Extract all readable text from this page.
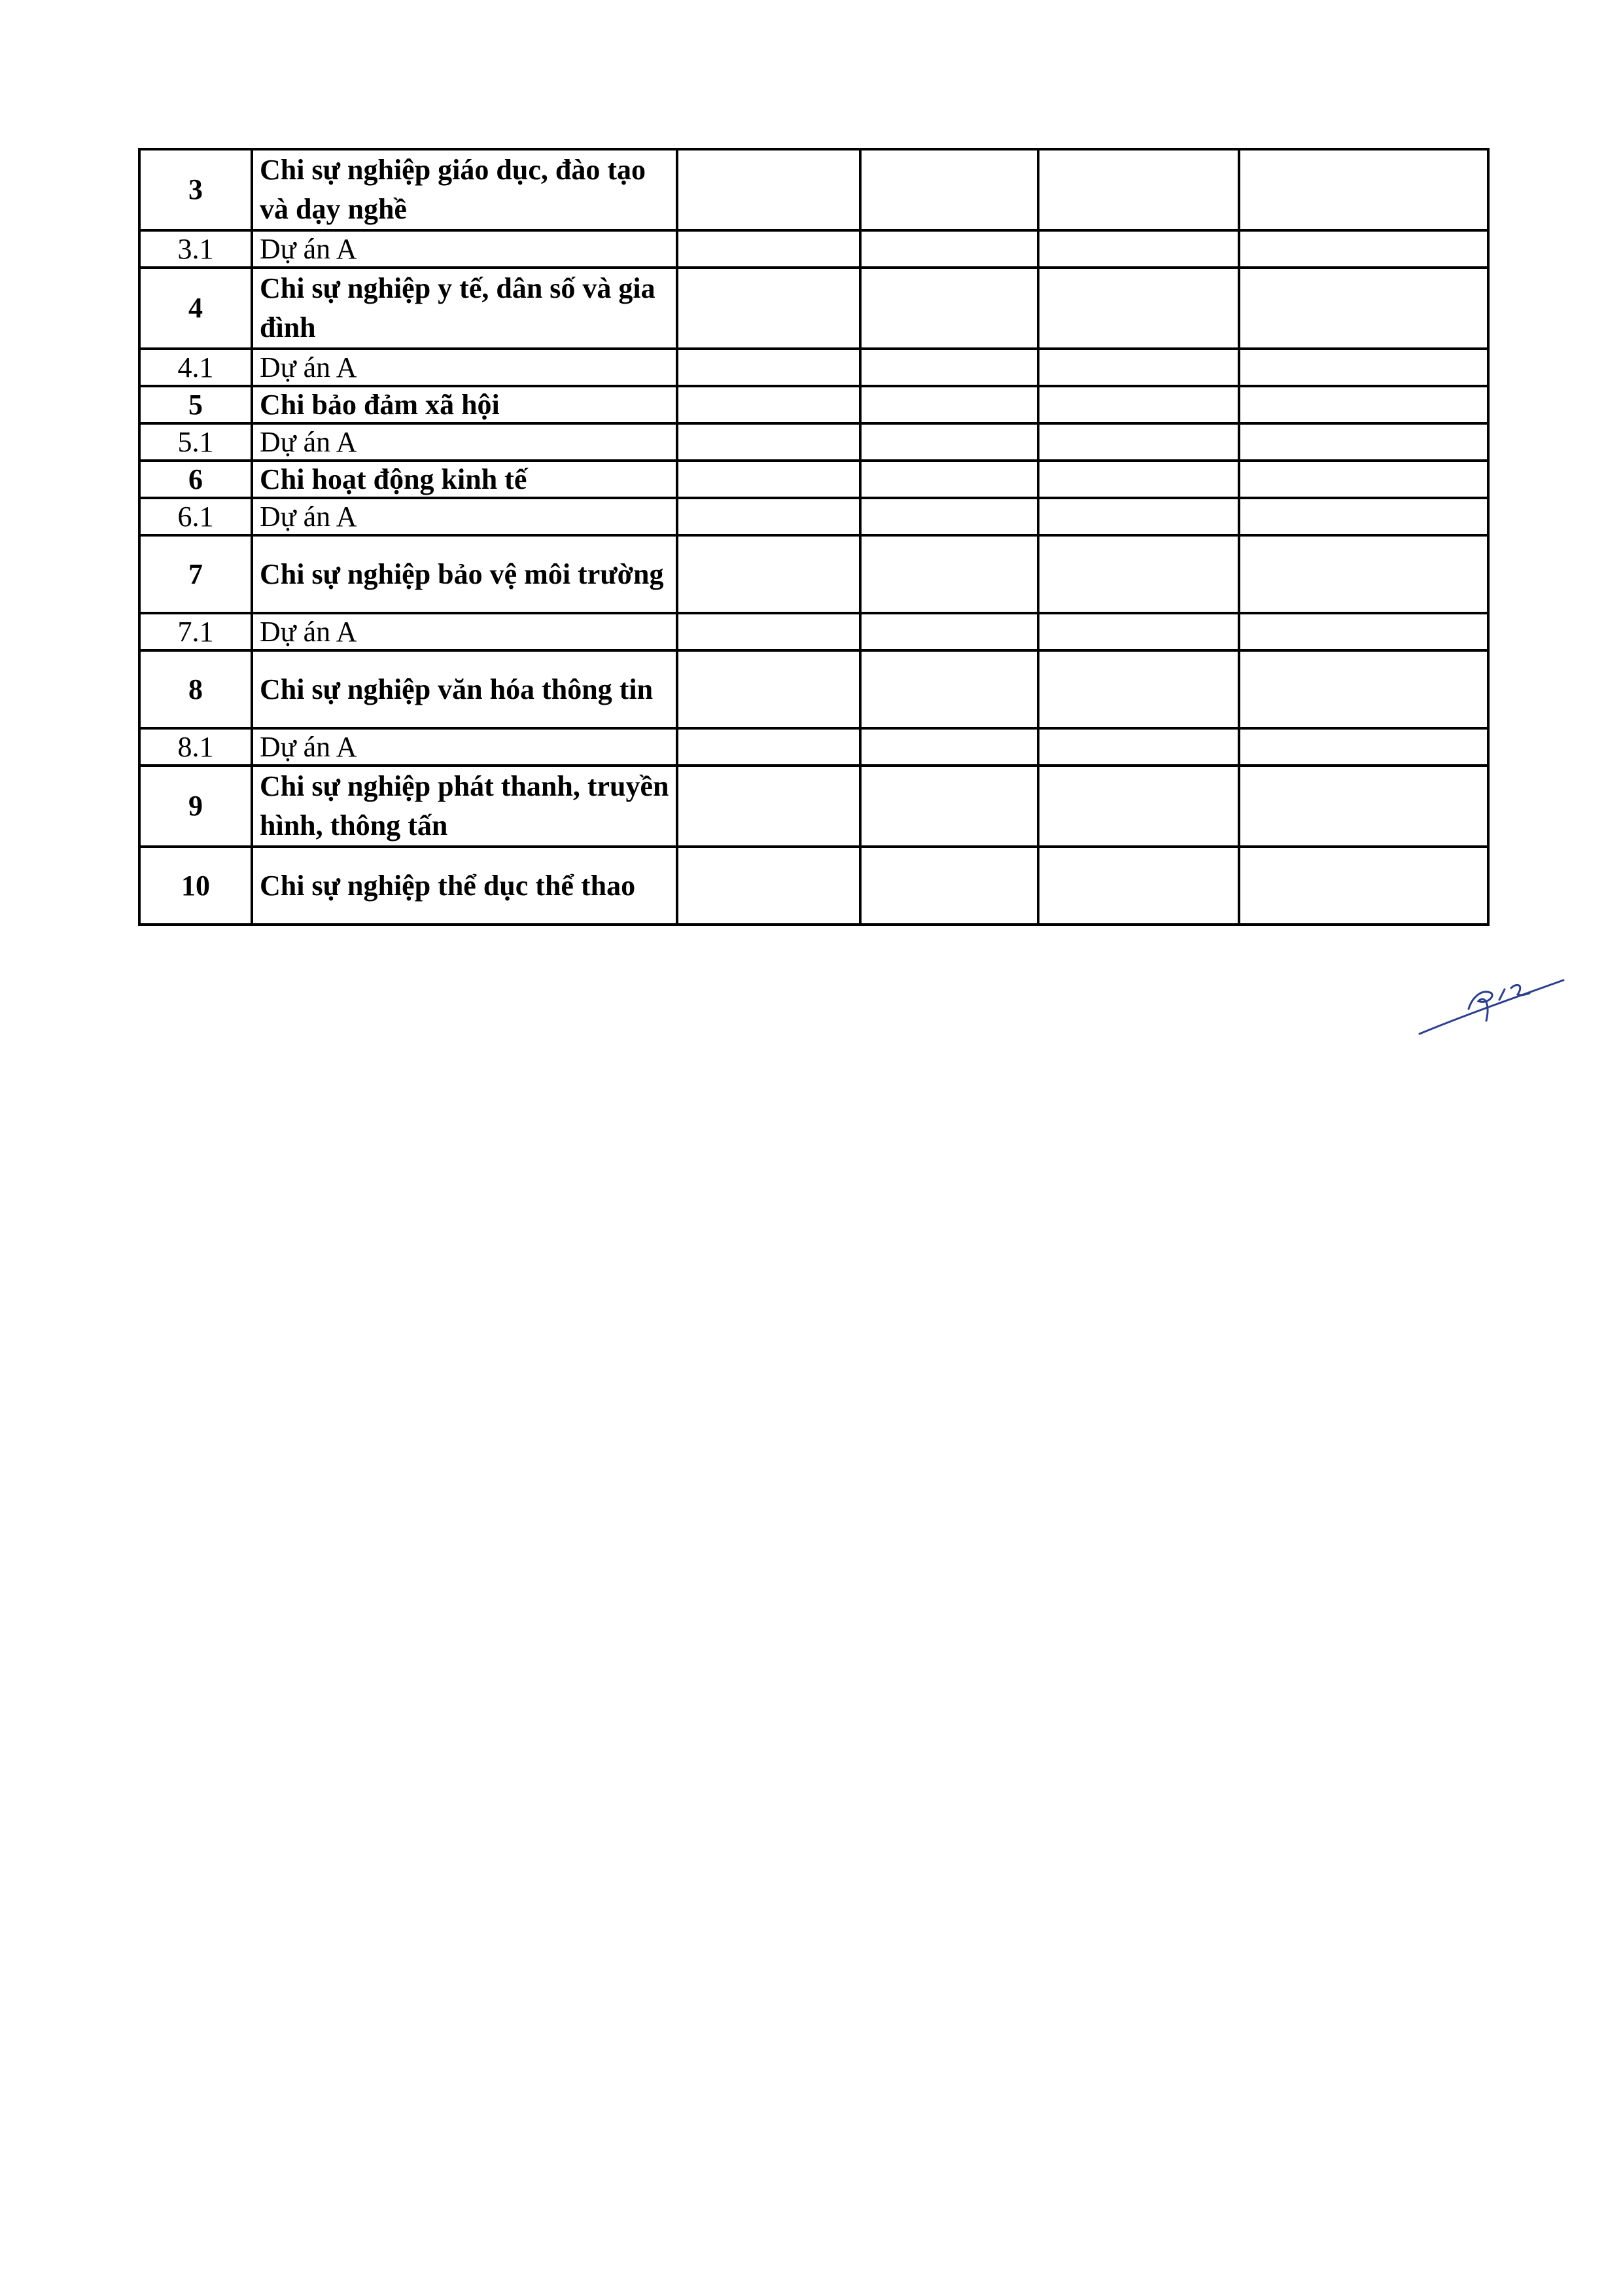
3	Chi sự nghiệp giáo dục, đào tạo và dạy nghề				
3.1	Dự án A				
4	Chi sự nghiệp y tế, dân số và gia đình				
4.1	Dự án A				
5	Chi bảo đảm xã hội				
5.1	Dự án A				
6	Chi hoạt động kinh tế				
6.1	Dự án A				
7	Chi sự nghiệp bảo vệ môi trường				
7.1	Dự án A				
8	Chi sự nghiệp văn hóa thông tin				
8.1	Dự án A				
9	Chi sự nghiệp phát thanh, truyền hình, thông tấn				
10	Chi sự nghiệp thể dục thể thao				
